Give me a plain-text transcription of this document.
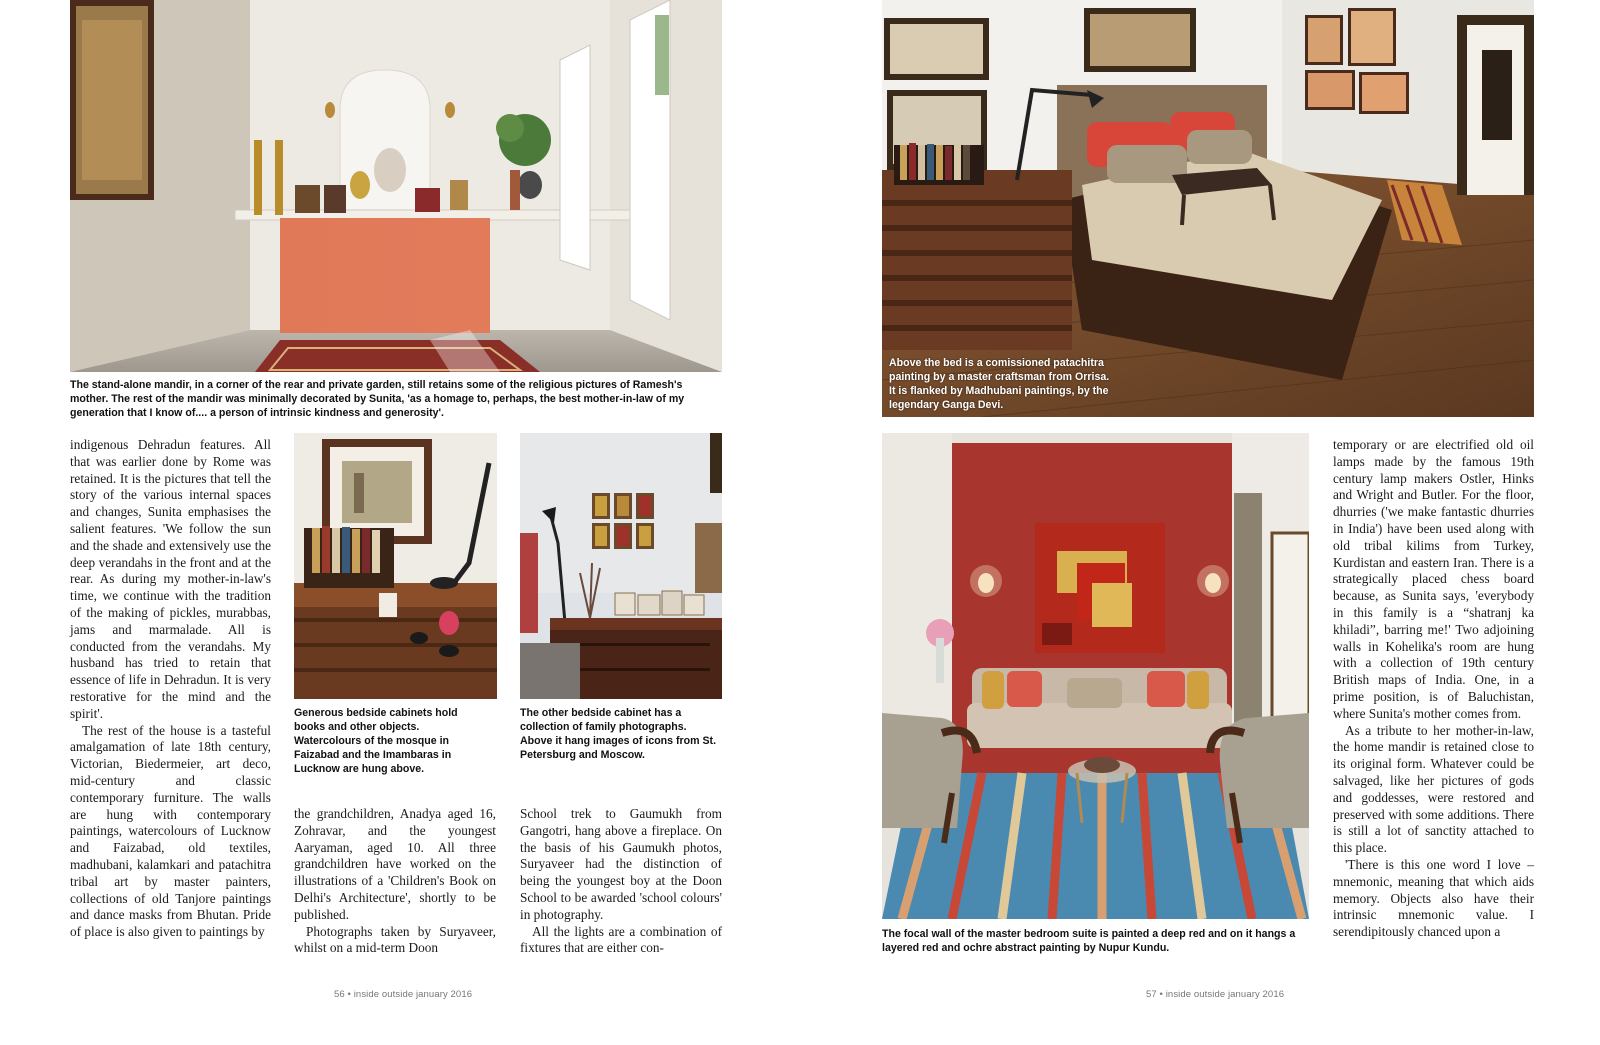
The stand-alone mandir, in a corner of the rear and private garden, still retains some of the religious pictures of Ramesh's mother. The rest of the mandir was minimally decorated by Sunita, 'as a homage to, perhaps, the best mother-in-law of my generation that I know of.... a person of intrinsic kindness and generosity'.

indigenous Dehradun features. All that was earlier done by Rome was retained. It is the pictures that tell the story of the various internal spaces and changes, Sunita emphasises the salient features. 'We follow the sun and the shade and extensively use the deep verandahs in the front and at the rear. As during my mother-in-law's time, we continue with the tradition of the making of pickles, murabbas, jams and marmalade. All is conducted from the verandahs. My husband has tried to retain that essence of life in Dehradun. It is very restorative for the mind and the spirit'.

The rest of the house is a tasteful amalgamation of late 18th century, Victorian, Biedermeier, art deco, mid-century and classic contemporary furniture. The walls are hung with contemporary paintings, watercolours of Lucknow and Faizabad, old textiles, madhubani, kalamkari and patachitra tribal art by master painters, collections of old Tanjore paintings and dance masks from Bhutan. Pride of place is also given to paintings by

Generous bedside cabinets hold books and other objects. Watercolours of the mosque in Faizabad and the Imambaras in Lucknow are hung above.
The other bedside cabinet has a collection of family photographs. Above it hang images of icons from St. Petersburg and Moscow.

the grandchildren, Anadya aged 16, Zohravar, and the youngest Aaryaman, aged 10. All three grandchildren have worked on the illustrations of a 'Children's Book on Delhi's Architecture', shortly to be published.

Photographs taken by Suryaveer, whilst on a mid-term Doon

School trek to Gaumukh from Gangotri, hang above a fireplace. On the basis of his Gaumukh photos, Suryaveer had the distinction of being the youngest boy at the Doon School to be awarded 'school colours' in photography.

All the lights are a combination of fixtures that are either con-

56 • inside outside january 2016
Above the bed is a comissioned patachitra painting by a master craftsman from Orrisa. It is flanked by Madhubani paintings, by the legendary Ganga Devi.
The focal wall of the master bedroom suite is painted a deep red and on it hangs a layered red and ochre abstract painting by Nupur Kundu.

temporary or are electrified old oil lamps made by the famous 19th century lamp makers Ostler, Hinks and Wright and Butler. For the floor, dhurries ('we make fantastic dhurries in India') have been used along with old tribal kilims from Turkey, Kurdistan and eastern Iran. There is a strategically placed chess board because, as Sunita says, 'everybody in this family is a “shatranj ka khiladi”, barring me!' Two adjoining walls in Kohelika's room are hung with a collection of 19th century British maps of India. One, in a prime position, is of Baluchistan, where Sunita's mother comes from.

As a tribute to her mother-in-law, the home mandir is retained close to its original form. Whatever could be salvaged, like her pictures of gods and goddesses, were restored and preserved with some additions. There is still a lot of sanctity attached to this place.

'There is this one word I love – mnemonic, meaning that which aids memory. Objects also have their intrinsic mnemonic value. I serendipitously chanced upon a

57 • inside outside january 2016
